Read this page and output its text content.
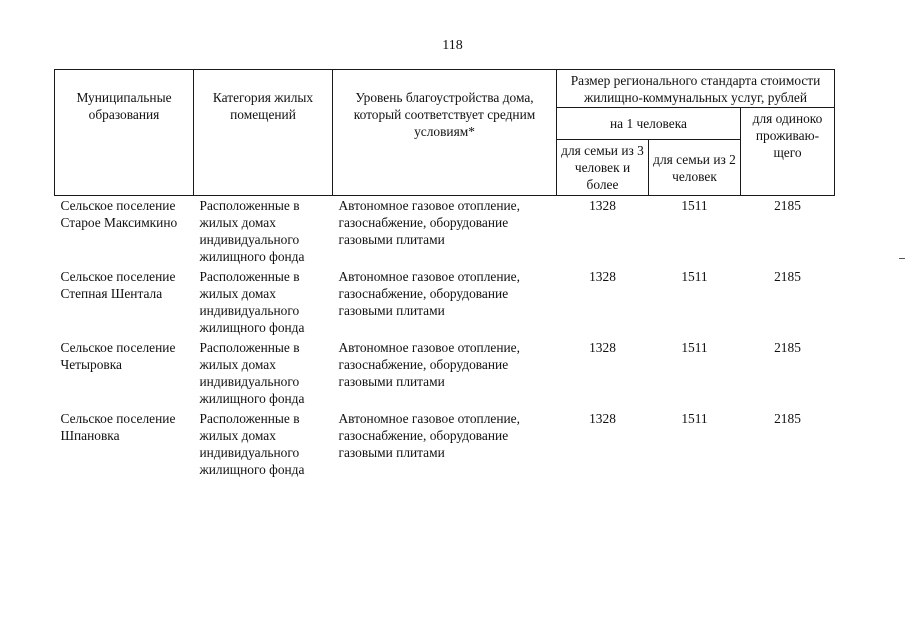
118
Муниципальные образования	Категория жилых помещений	Уровень благоустройства дома, который соответствует средним условиям*	Размер регионального стандарта стоимости жилищно-коммунальных услуг, рублей		
			на 1 человека		для одиноко проживаю-щего
			для семьи из 3 человек и более	для семьи из 2 человек	
Сельское поселение Старое Максимкино	Расположенные в жилых домах индивидуального жилищного фонда	Автономное газовое отопление, газоснабжение, оборудование газовыми плитами	1328	1511	2185
Сельское поселение Степная Шентала	Расположенные в жилых домах индивидуального жилищного фонда	Автономное газовое отопление, газоснабжение, оборудование газовыми плитами	1328	1511	2185
Сельское поселение Четыровка	Расположенные в жилых домах индивидуального жилищного фонда	Автономное газовое отопление, газоснабжение, оборудование газовыми плитами	1328	1511	2185
Сельское поселение Шпановка	Расположенные в жилых домах индивидуального жилищного фонда	Автономное газовое отопление, газоснабжение, оборудование газовыми плитами	1328	1511	2185
